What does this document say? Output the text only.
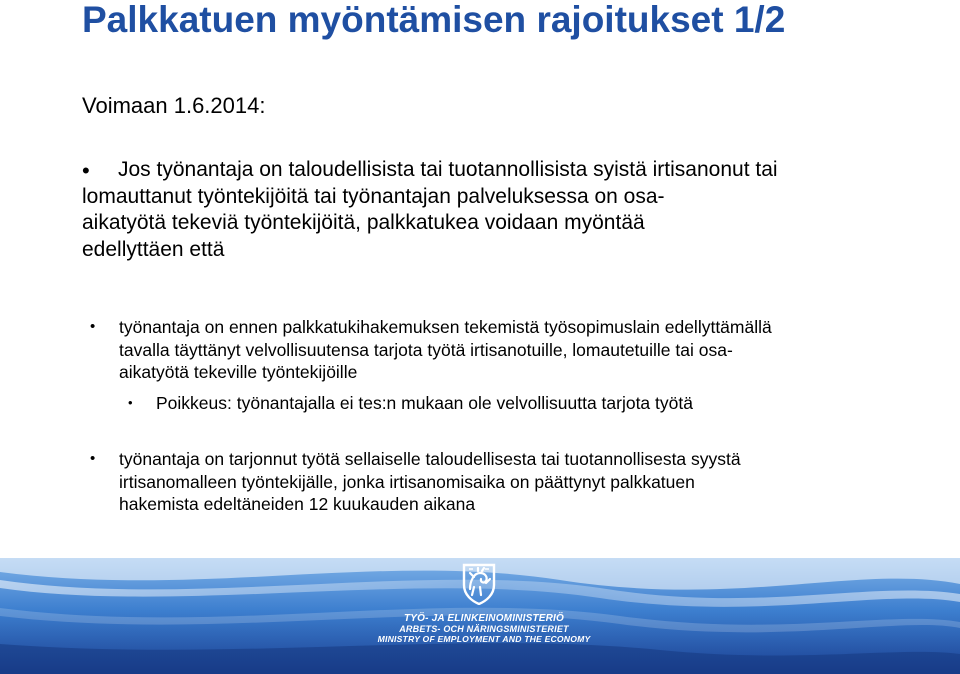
Palkkatuen myöntämisen rajoitukset 1/2
Voimaan 1.6.2014:
•	Jos työnantaja on taloudellisista tai tuotannollisista syistä irtisanonut tai
lomauttanut työntekijöitä tai työnantajan palveluksessa on osa-
aikatyötä tekeviä työntekijöitä, palkkatukea voidaan myöntää
edellyttäen että
• työnantaja on ennen palkkatukihakemuksen tekemistä työsopimuslain edellyttämällä
tavalla täyttänyt velvollisuutensa tarjota työtä irtisanotuille, lomautetuille tai osa-
aikatyötä tekeville työntekijöille
• Poikkeus: työnantajalla ei tes:n mukaan ole velvollisuutta tarjota työtä
• työnantaja on tarjonnut työtä sellaiselle taloudellisesta tai tuotannollisesta syystä
irtisanomalleen työntekijälle, jonka irtisanomisaika on päättynyt palkkatuen
hakemista edeltäneiden 12 kuukauden aikana
TYÖ- JA ELINKEINOMINISTERIÖ
ARBETS- OCH NÄRINGSMINISTERIET
MINISTRY OF EMPLOYMENT AND THE ECONOMY
